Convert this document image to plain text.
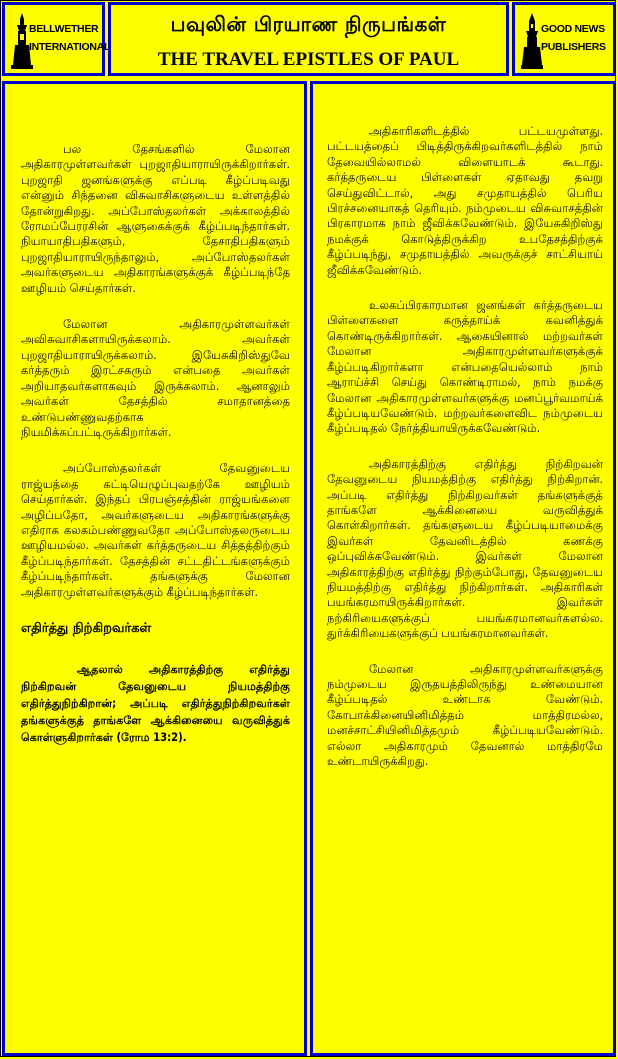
BELLWETHER
INTERNATIONAL
பவுலின் பிரயாண நிருபங்கள்
THE TRAVEL EPISTLES OF PAUL
GOOD NEWS
PUBLISHERS

பல தேசங்களில் மேலான அதிகாரமுள்ளவர்கள் புறஜாதியாராயிருக்கிறார்கள். புறஜாதி ஜனங்களுக்கு எப்படி கீழ்ப்படிவது என்னும் சிந்தனை விசுவாசிகளுடைய உள்ளத்தில் தோன்றுகிறது. அப்போஸ்தலர்கள் அக்காலத்தில் ரோமப்பேரரசின் ஆளுகைக்குக் கீழ்ப்படிந்தார்கள். நியாயாதிபதிகளும், தேசாதிபதிகளும் புறஜாதியாராயிருந்தாலும், அப்போஸ்தலர்கள் அவர்களுடைய அதிகாரங்களுக்குக் கீழ்ப்படிந்தே ஊழியம் செய்தார்கள்.

மேலான அதிகாரமுள்ளவர்கள் அவிசுவாசிகளாயிருக்கலாம். அவர்கள் புறஜாதியாராயிருக்கலாம். இயேசுகிறிஸ்துவே கர்த்தரும் இரட்சகரும் என்பதை அவர்கள் அறியாதவர்களாகவும் இருக்கலாம். ஆனாலும் அவர்கள் தேசத்தில் சமாதானத்தை உண்டுபண்ணுவதற்காக நியமிக்கப்பட்டிருக்கிறார்கள்.

அப்போஸ்தலர்கள் தேவனுடைய ராஜ்யத்தை கட்டியெழுப்புவதற்கே ஊழியம் செய்தார்கள். இந்தப் பிரபஞ்சத்தின் ராஜ்யங்களை அழிப்பதோ, அவர்களுடைய அதிகாரங்களுக்கு எதிராக கலகம்பண்ணுவதோ அப்போஸ்தலருடைய ஊழியமல்ல. அவர்கள் கர்த்தருடைய சித்தத்திற்கும் கீழ்ப்படிந்தார்கள். தேசத்தின் சட்டதிட்டங்களுக்கும் கீழ்ப்படிந்தார்கள். தங்களுக்கு மேலான அதிகாரமுள்ளவர்களுக்கும் கீழ்ப்படிந்தார்கள்.

எதிர்த்து நிற்கிறவர்கள்

ஆதலால் அதிகாரத்திற்கு எதிர்த்து நிற்கிறவன் தேவனுடைய நியமத்திற்கு எதிர்த்துநிற்கிறான்; அப்படி எதிர்த்துநிற்கிறவர்கள் தங்களுக்குத் தாங்களே ஆக்கினையை வருவித்துக் கொள்ளுகிறார்கள் (ரோம 13:2).

அதிகாரிகளிடத்தில் பட்டயமுள்ளது. பட்டயத்தைப் பிடித்திருக்கிறவர்களிடத்தில் நாம் தேவையில்லாமல் விளையாடக் கூடாது. கர்த்தருடைய பிள்ளைகள் ஏதாவது தவறு செய்துவிட்டால், அது சமுதாயத்தில் பெரிய பிரச்சனையாகத் தெரியும். நம்முடைய விசுவாசத்தின் பிரகாரமாக நாம் ஜீவிக்கவேண்டும். இயேசுகிறிஸ்து நமக்குக் கொடுத்திருக்கிற உபதேசத்திற்குக் கீழ்ப்படிந்து, சமுதாயத்தில் அவருக்குச் சாட்சியாய் ஜீவிக்கவேண்டும்.

உலகப்பிரகாரமான ஜனங்கள் கர்த்தருடைய பிள்ளைகளை கருத்தாய்க் கவனித்துக் கொண்டிருக்கிறார்கள். ஆகையினால் மற்றவர்கள் மேலான அதிகாரமுள்ளவர்களுக்குக் கீழ்ப்படிகிறார்களா என்பதையெல்லாம் நாம் ஆராய்ச்சி செய்து கொண்டிராமல், நாம் நமக்கு மேலான அதிகாரமுள்ளவர்களுக்கு மனப்பூர்வமாய்க் கீழ்ப்படியவேண்டும். மற்றவர்களைவிட நம்முடைய கீழ்ப்படிதல் நேர்த்தியாயிருக்கவேண்டும்.

அதிகாரத்திற்கு எதிர்த்து நிற்கிறவன் தேவனுடைய நியமத்திற்கு எதிர்த்து நிற்கிறான். அப்படி எதிர்த்து நிற்கிறவர்கள் தங்களுக்குத் தாங்களே ஆக்கினையை வருவித்துக் கொள்கிறார்கள். தங்களுடைய கீழ்ப்படியாமைக்கு இவர்கள் தேவனிடத்தில் கணக்கு ஒப்புவிக்கவேண்டும். இவர்கள் மேலான அதிகாரத்திற்கு எதிர்த்து நிற்கும்போது, தேவனுடைய நியமத்திற்கு எதிர்த்து நிற்கிறார்கள். அதிகாரிகள் பயங்கரமாயிருக்கிறார்கள். இவர்கள் நற்கிரியைகளுக்குப் பயங்கரமானவர்களல்ல. துர்க்கிரியைகளுக்குப் பயங்கரமானவர்கள்.

மேலான அதிகாரமுள்ளவர்களுக்கு நம்முடைய இருதயத்திலிருந்து உண்மையான கீழ்ப்படிதல் உண்டாக வேண்டும். கோபாக்கினையினிமித்தம் மாத்திரமல்ல, மனச்சாட்சியினிமித்தமும் கீழ்ப்படியவேண்டும். எல்லா அதிகாரமும் தேவனால் மாத்திரமே உண்டாயிருக்கிறது.
